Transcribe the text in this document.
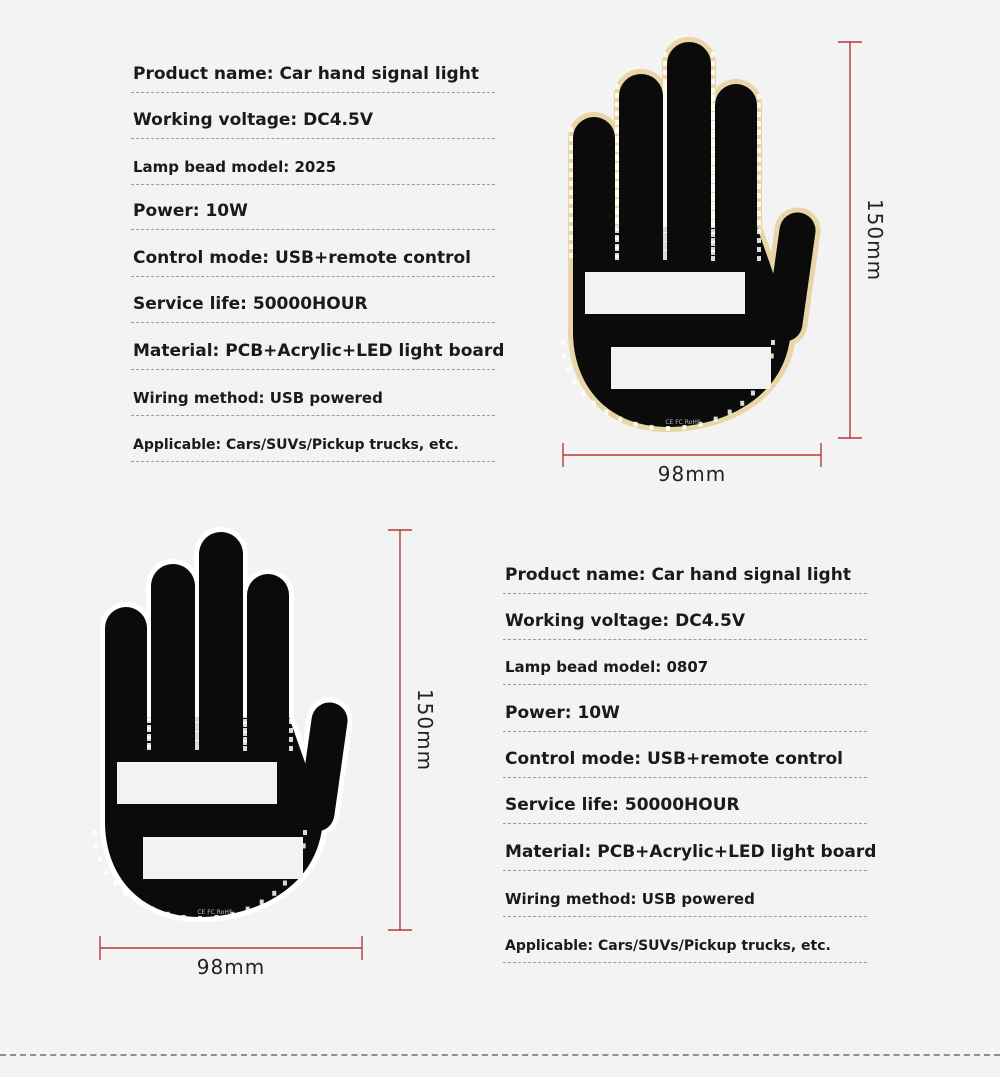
Product name: Car hand signal light
Working voltage: DC4.5V
Lamp bead model: 2025
Power: 10W
Control mode: USB+remote control
Service life: 50000HOUR
Material: PCB+Acrylic+LED light board
Wiring method: USB powered
Applicable: Cars/SUVs/Pickup trucks, etc.
Product name: Car hand signal light
Working voltage: DC4.5V
Lamp bead model: 0807
Power: 10W
Control mode: USB+remote control
Service life: 50000HOUR
Material: PCB+Acrylic+LED light board
Wiring method: USB powered
Applicable: Cars/SUVs/Pickup trucks, etc.
CE FC RoHS
150mm
98mm
CE FC RoHS
150mm
98mm
